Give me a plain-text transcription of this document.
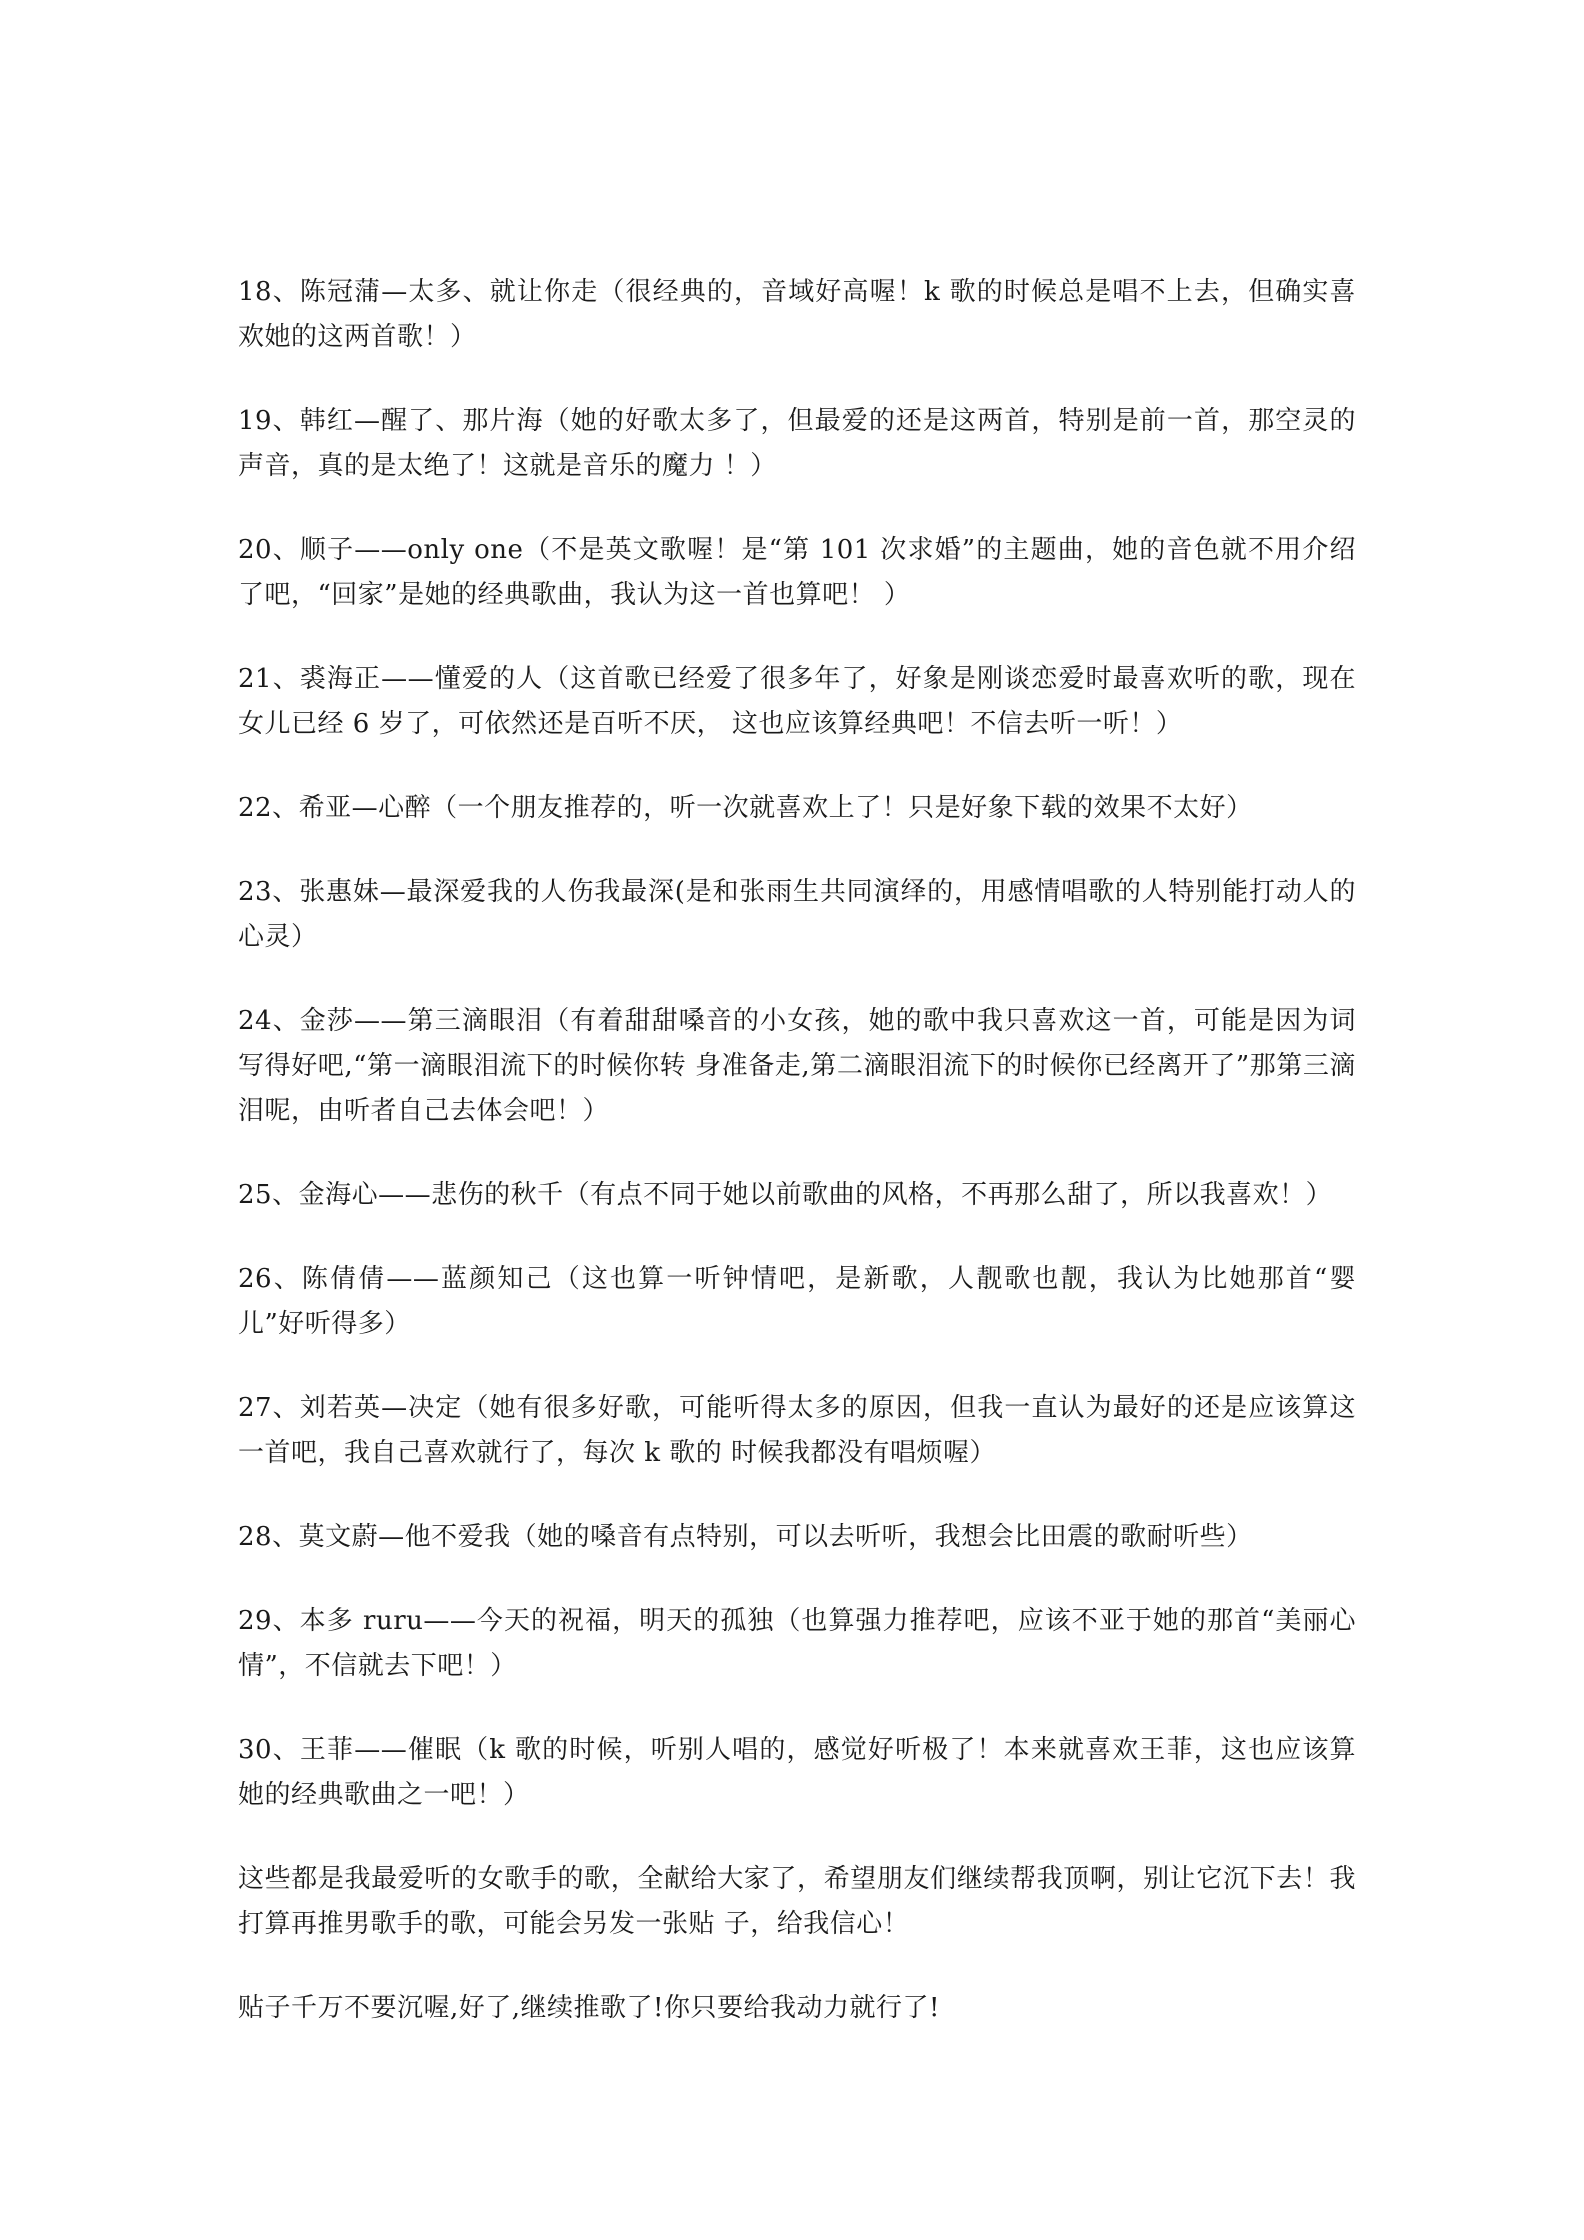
18、陈冠蒲—太多、就让你走（很经典的，音域好高喔！k 歌的时候总是唱不上去，但确实喜欢她的这两首歌！）

19、韩红—醒了、那片海（她的好歌太多了，但最爱的还是这两首，特别是前一首，那空灵的声音，真的是太绝了！这就是音乐的魔力 ！）

20、顺子——only one（不是英文歌喔！是“第 101 次求婚”的主题曲，她的音色就不用介绍了吧，“回家”是她的经典歌曲，我认为这一首也算吧！ ）

21、裘海正——懂爱的人（这首歌已经爱了很多年了，好象是刚谈恋爱时最喜欢听的歌，现在女儿已经 6 岁了，可依然还是百听不厌， 这也应该算经典吧！不信去听一听！）

22、希亚—心醉（一个朋友推荐的，听一次就喜欢上了！只是好象下载的效果不太好）

23、张惠妹—最深爱我的人伤我最深(是和张雨生共同演绎的，用感情唱歌的人特别能打动人的心灵）

24、金莎——第三滴眼泪（有着甜甜嗓音的小女孩，她的歌中我只喜欢这一首，可能是因为词写得好吧,“第一滴眼泪流下的时候你转 身准备走,第二滴眼泪流下的时候你已经离开了”那第三滴泪呢，由听者自己去体会吧！）

25、金海心——悲伤的秋千（有点不同于她以前歌曲的风格，不再那么甜了，所以我喜欢！）

26、陈倩倩——蓝颜知己（这也算一听钟情吧，是新歌，人靓歌也靓，我认为比她那首“婴儿”好听得多）

27、刘若英—决定（她有很多好歌，可能听得太多的原因，但我一直认为最好的还是应该算这一首吧，我自己喜欢就行了，每次 k 歌的 时候我都没有唱烦喔）

28、莫文蔚—他不爱我（她的嗓音有点特别，可以去听听，我想会比田震的歌耐听些）

29、本多 ruru——今天的祝福，明天的孤独（也算强力推荐吧，应该不亚于她的那首“美丽心情”，不信就去下吧！）

30、王菲——催眠（k 歌的时候，听别人唱的，感觉好听极了！本来就喜欢王菲，这也应该算她的经典歌曲之一吧！）

这些都是我最爱听的女歌手的歌，全献给大家了，希望朋友们继续帮我顶啊，别让它沉下去！我打算再推男歌手的歌，可能会另发一张贴 子，给我信心！

贴子千万不要沉喔,好了,继续推歌了!你只要给我动力就行了!
